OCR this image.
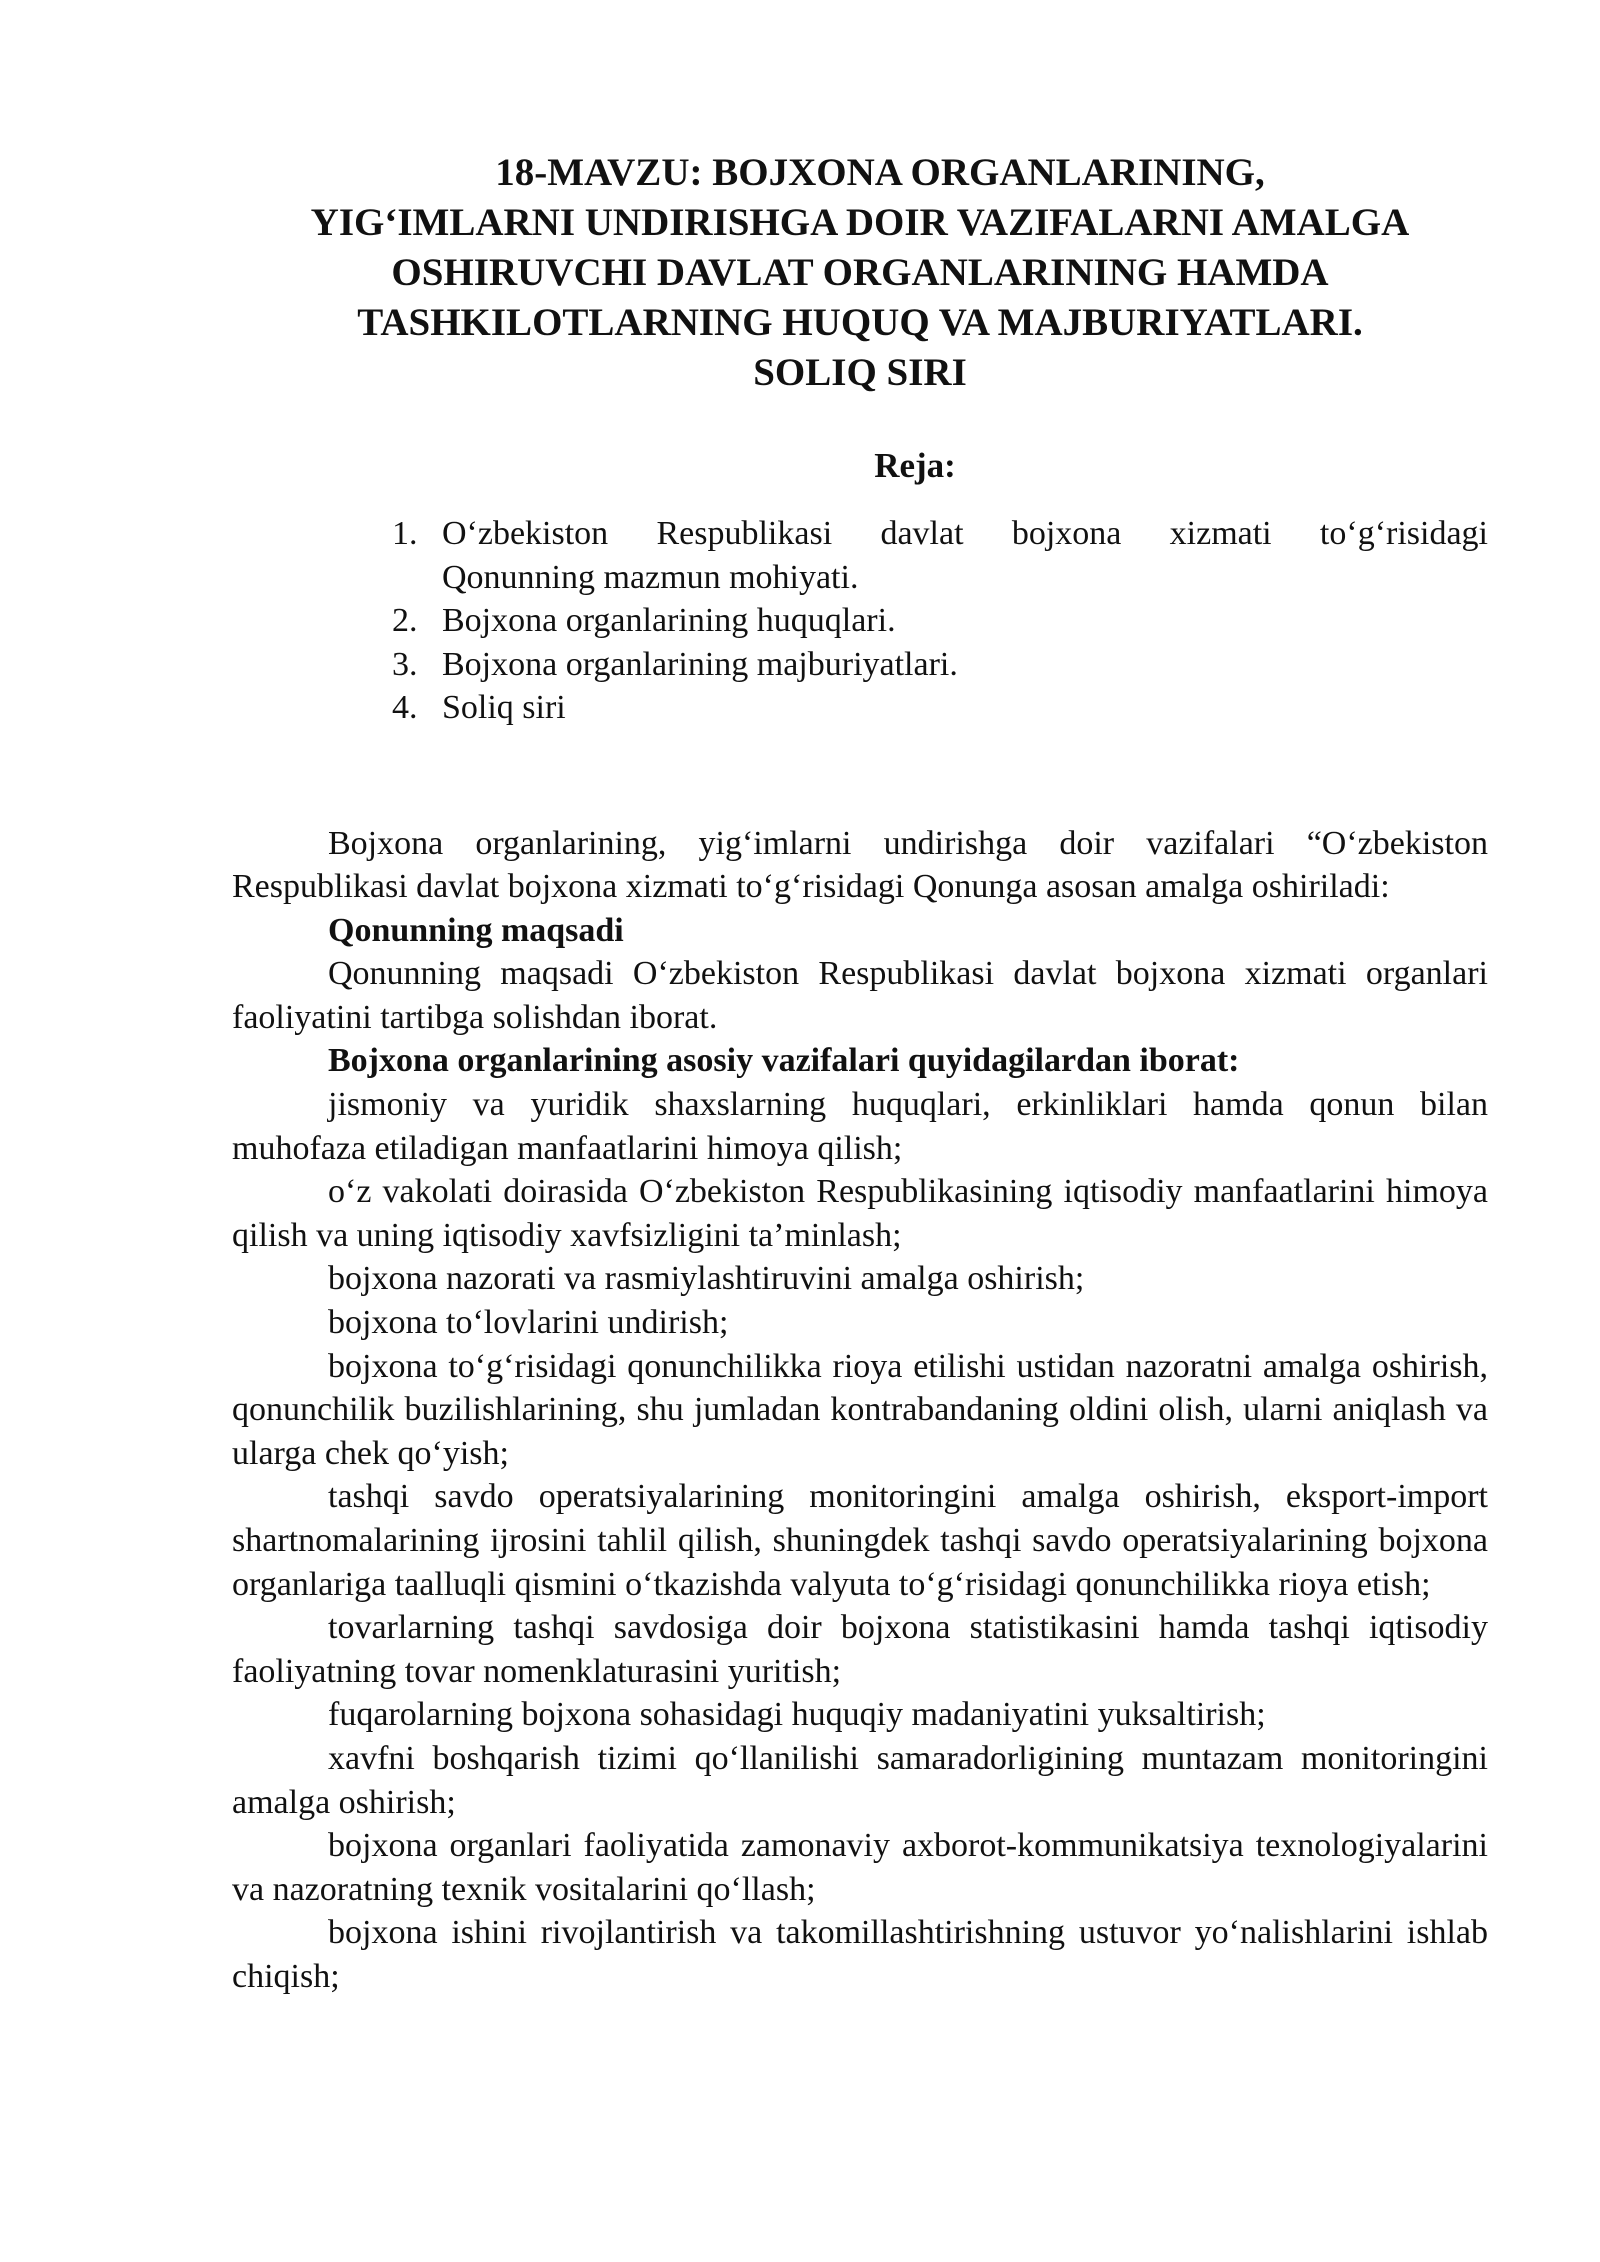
18-MAVZU: BOJXONA ORGANLARINING,
YIG‘IMLARNI UNDIRISHGA DOIR VAZIFALARNI AMALGA
OSHIRUVCHI DAVLAT ORGANLARINING HAMDA
TASHKILOTLARNING HUQUQ VA MAJBURIYATLARI.
SOLIQ SIRI
Reja:
1. O‘zbekiston Respublikasi davlat bojxona xizmati to‘g‘risidagi
Qonunning mazmun mohiyati.
2. Bojxona organlarining huquqlari.
3. Bojxona organlarining majburiyatlari.
4. Soliq siri

Bojxona organlarining, yig‘imlarni undirishga doir vazifalari “O‘zbekiston Respublikasi davlat bojxona xizmati to‘g‘risidagi Qonunga asosan amalga oshiriladi:

Qonunning maqsadi

Qonunning maqsadi O‘zbekiston Respublikasi davlat bojxona xizmati organlari faoliyatini tartibga solishdan iborat.

Bojxona organlarining asosiy vazifalari quyidagilardan iborat:

jismoniy va yuridik shaxslarning huquqlari, erkinliklari hamda qonun bilan muhofaza etiladigan manfaatlarini himoya qilish;

o‘z vakolati doirasida O‘zbekiston Respublikasining iqtisodiy manfaatlarini himoya qilish va uning iqtisodiy xavfsizligini ta’minlash;

bojxona nazorati va rasmiylashtiruvini amalga oshirish;

bojxona to‘lovlarini undirish;

bojxona to‘g‘risidagi qonunchilikka rioya etilishi ustidan nazoratni amalga oshirish, qonunchilik buzilishlarining, shu jumladan kontrabandaning oldini olish, ularni aniqlash va ularga chek qo‘yish;

tashqi savdo operatsiyalarining monitoringini amalga oshirish, eksport-import shartnomalarining ijrosini tahlil qilish, shuningdek tashqi savdo operatsiyalarining bojxona organlariga taalluqli qismini o‘tkazishda valyuta to‘g‘risidagi qonunchilikka rioya etish;

tovarlarning tashqi savdosiga doir bojxona statistikasini hamda tashqi iqtisodiy faoliyatning tovar nomenklaturasini yuritish;

fuqarolarning bojxona sohasidagi huquqiy madaniyatini yuksaltirish;

xavfni boshqarish tizimi qo‘llanilishi samaradorligining muntazam monitoringini amalga oshirish;

bojxona organlari faoliyatida zamonaviy axborot-kommunikatsiya texnologiyalarini va nazoratning texnik vositalarini qo‘llash;

bojxona ishini rivojlantirish va takomillashtirishning ustuvor yo‘nalishlarini ishlab chiqish;
